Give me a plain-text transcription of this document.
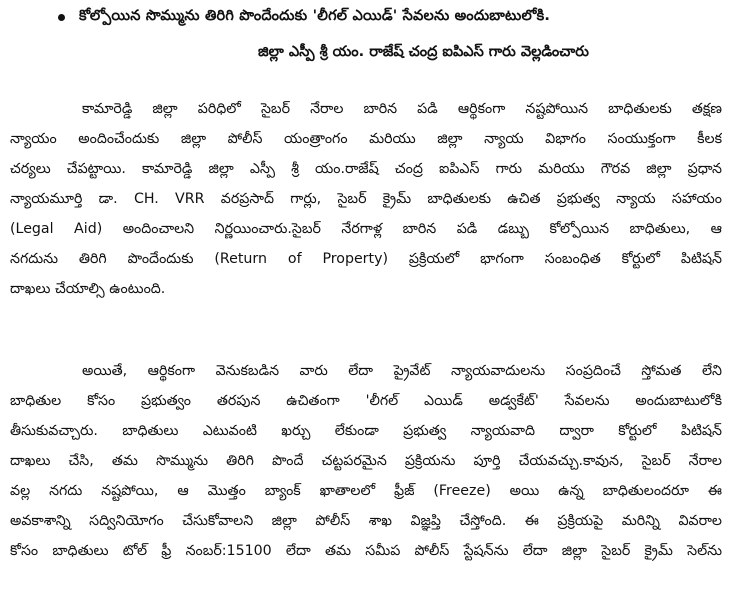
కోల్పోయిన సొమ్మును తిరిగి పొందేందుకు 'లీగల్ ఎయిడ్' సేవలను అందుబాటులోకి.
జిల్లా ఎస్పీ శ్రీ యం. రాజేష్ చంద్ర ఐపిఎస్ గారు వెల్లడించారు
కామారెడ్డి జిల్లా పరిధిలో సైబర్ నేరాల బారిన పడి ఆర్థికంగా నష్టపోయిన బాధితులకు తక్షణ
న్యాయం అందించేందుకు జిల్లా పోలీస్ యంత్రాంగం మరియు జిల్లా న్యాయ విభాగం సంయుక్తంగా కీలక
చర్యలు చేపట్టాయి. కామారెడ్డి జిల్లా ఎస్పీ శ్రీ యం.రాజేష్ చంద్ర ఐపిఎస్ గారు మరియు గౌరవ జిల్లా ప్రధాన
న్యాయమూర్తి డా. CH. VRR వరప్రసాద్ గార్లు, సైబర్ క్రైమ్ బాధితులకు ఉచిత ప్రభుత్వ న్యాయ సహాయం
(Legal Aid) అందించాలని నిర్ణయించారు.సైబర్ నేరగాళ్ల బారిన పడి డబ్బు కోల్పోయిన బాధితులు, ఆ
నగదును తిరిగి పొందేందుకు (Return of Property) ప్రక్రియలో భాగంగా సంబంధిత కోర్టులో పిటిషన్
దాఖలు చేయాల్సి ఉంటుంది.
అయితే, ఆర్థికంగా వెనుకబడిన వారు లేదా ప్రైవేట్ న్యాయవాదులను సంప్రదించే స్తోమత లేని
బాధితుల కోసం ప్రభుత్వం తరపున ఉచితంగా 'లీగల్ ఎయిడ్ అడ్వకేట్' సేవలను అందుబాటులోకి
తీసుకువచ్చారు. బాధితులు ఎటువంటి ఖర్చు లేకుండా ప్రభుత్వ న్యాయవాది ద్వారా కోర్టులో పిటిషన్
దాఖలు చేసి, తమ సొమ్మును తిరిగి పొందే చట్టపరమైన ప్రక్రియను పూర్తి చేయవచ్చు.కావున, సైబర్ నేరాల
వల్ల నగదు నష్టపోయి, ఆ మొత్తం బ్యాంక్ ఖాతాలలో ఫ్రీజ్ (Freeze) అయి ఉన్న బాధితులందరూ ఈ
అవకాశాన్ని సద్వినియోగం చేసుకోవాలని జిల్లా పోలీస్ శాఖ విజ్ఞప్తి చేస్తోంది. ఈ ప్రక్రియపై మరిన్ని వివరాల
కోసం బాధితులు టోల్ ఫ్రీ నంబర్:15100 లేదా తమ సమీప పోలీస్ స్టేషన్‌ను లేదా జిల్లా సైబర్ క్రైమ్ సెల్‌ను
